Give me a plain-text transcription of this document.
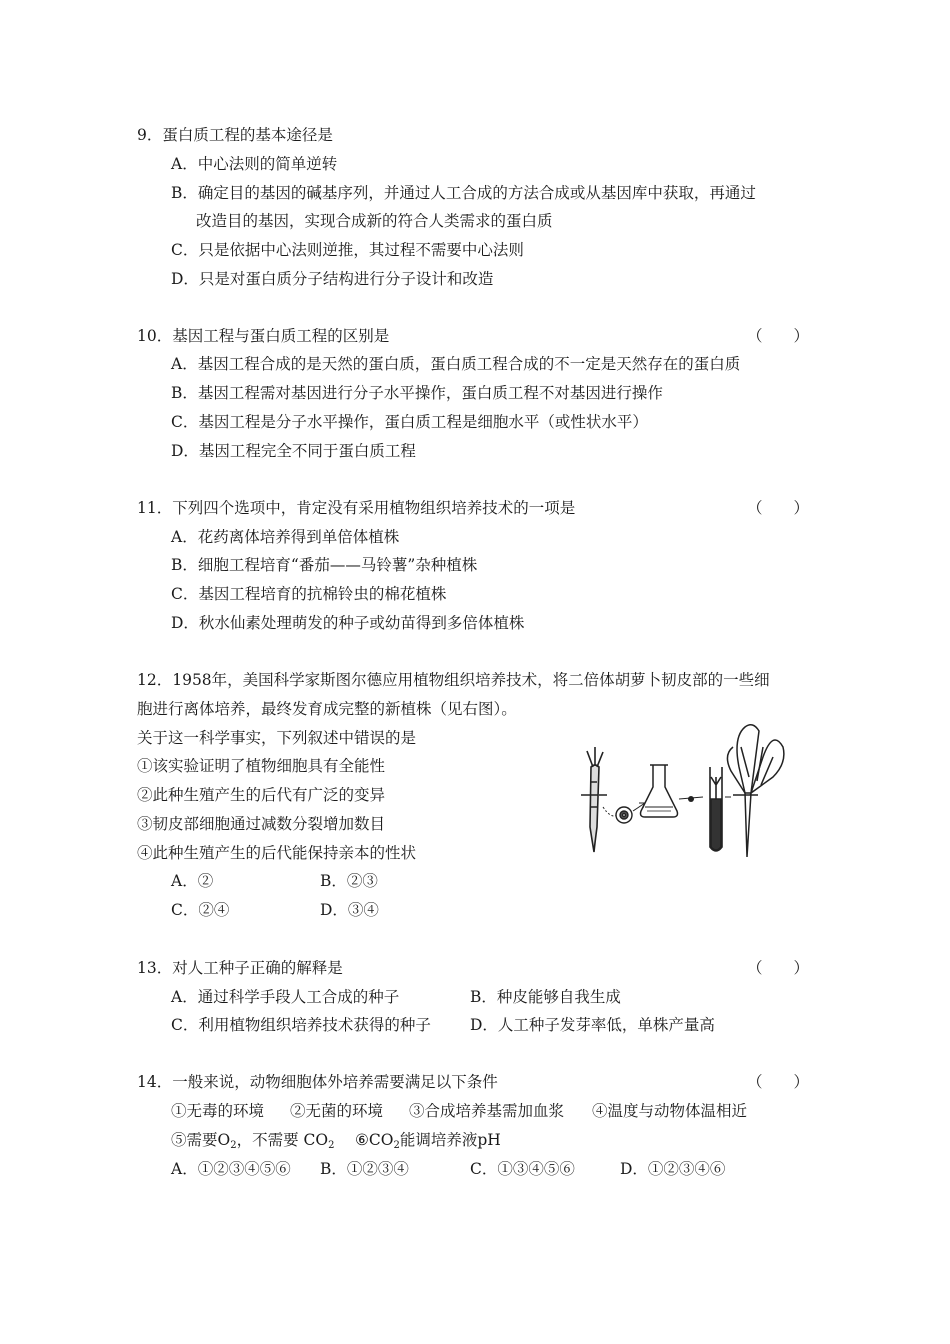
9．蛋白质工程的基本途径是
A．中心法则的简单逆转
B．确定目的基因的碱基序列，并通过人工合成的方法合成或从基因库中获取，再通过
改造目的基因，实现合成新的符合人类需求的蛋白质
C．只是依据中心法则逆推，其过程不需要中心法则
D．只是对蛋白质分子结构进行分子设计和改造
10．基因工程与蛋白质工程的区别是	（　　）
A．基因工程合成的是天然的蛋白质，蛋白质工程合成的不一定是天然存在的蛋白质
B．基因工程需对基因进行分子水平操作，蛋白质工程不对基因进行操作
C．基因工程是分子水平操作，蛋白质工程是细胞水平（或性状水平）
D．基因工程完全不同于蛋白质工程
11．下列四个选项中，肯定没有采用植物组织培养技术的一项是	（　　）
A．花药离体培养得到单倍体植株
B．细胞工程培育“番茄——马铃薯”杂种植株
C．基因工程培育的抗棉铃虫的棉花植株
D．秋水仙素处理萌发的种子或幼苗得到多倍体植株
12．1958年，美国科学家斯图尔德应用植物组织培养技术，将二倍体胡萝卜韧皮部的一些细
胞进行离体培养，最终发育成完整的新植株（见右图）。
关于这一科学事实，下列叙述中错误的是
①该实验证明了植物细胞具有全能性
②此种生殖产生的后代有广泛的变异
③韧皮部细胞通过减数分裂增加数目
④此种生殖产生的后代能保持亲本的性状
A．②	B．②③
C．②④	D．③④
13．对人工种子正确的解释是	（　　）
A．通过科学手段人工合成的种子	B．种皮能够自我生成
C．利用植物组织培养技术获得的种子	D．人工种子发芽率低，单株产量高
14．一般来说，动物细胞体外培养需要满足以下条件	（　　）
①无毒的环境 ②无菌的环境 ③合成培养基需加血浆 ④温度与动物体温相近
⑤需要$O_2$，不需要 $CO_2$ $⑥CO_2$能调培养液pH
A．①②③④⑤⑥ B．①②③④	C．①③④⑤⑥	D．①②③④⑥
